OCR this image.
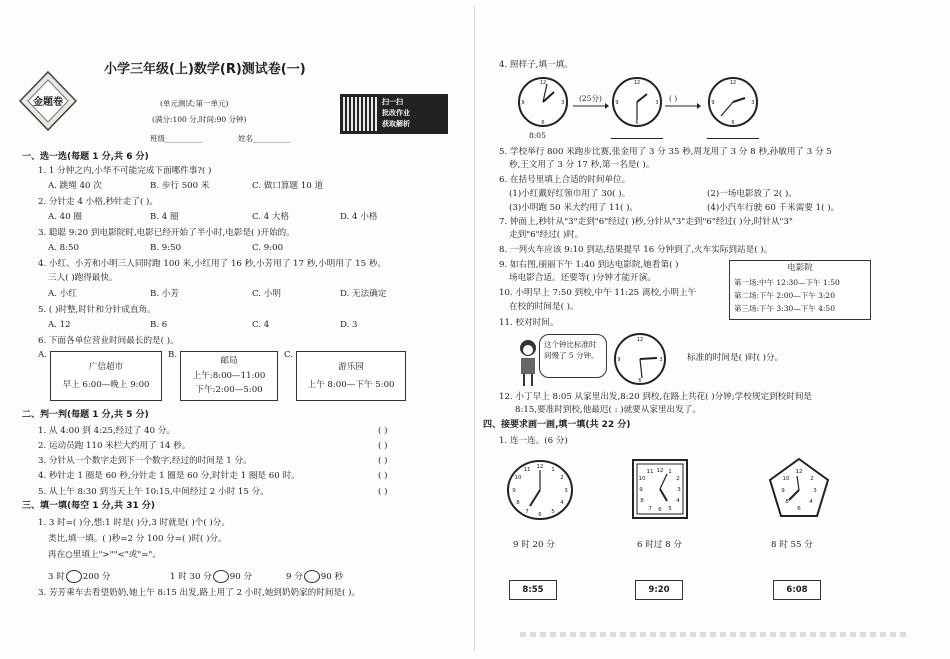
金题卷
小学三年级(上)数学(R)测试卷(一)
(单元测试;第一单元)
(满分:100 分,时间:90 分钟)
班级__________	姓名__________
扫一扫
批改作业
获取解析
一、选一选(每题 1 分,共 6 分)
1. 1 分钟之内,小华不可能完成下面哪件事?( )
A. 跳绳 40 次	B. 步行 500 米	C. 做口算题 10 道
2. 分针走 4 小格,秒针走了( )。
A. 40 圈	B. 4 圈	C. 4 大格	D. 4 小格
3. 聪聪 9:20 到电影院时,电影已经开始了半小时,电影是( )开始的。
A. 8:50	B. 9:50	C. 9:00
4. 小红、小芳和小明三人同时跑 100 米,小红用了 16 秒,小芳用了 17 秒,小明用了 15 秒。
三人( )跑得最快。
A. 小红	B. 小芳	C. 小明	D. 无法确定
5. ( )时整,时针和分针成直角。
A. 12	B. 6	C. 4	D. 3
6. 下面各单位营业时间最长的是( )。
A.
广信超市
早上 6:00—晚上 9:00
B.
邮局
上午:8:00—11:00
下午:2:00—5:00
C.
游乐园
上午 8:00—下午 5:00
二、判一判(每题 1 分,共 5 分)
1. 从 4:00 到 4:25,经过了 40 分。	( )
2. 运动员跑 110 米栏大约用了 14 秒。	( )
3. 分针从一个数字走到下一个数字,经过的时间是 1 分。	( )
4. 秒针走 1 圈是 60 秒,分针走 1 圈是 60 分,时针走 1 圈是 60 时。	( )
5. 从上午 8:30 到当天上午 10:15,中间经过 2 小时 15 分。	( )
三、填一填(每空 1 分,共 31 分)
1. 3 时=( )分,想:1 时是( )分,3 时就是( )个( )分。
类比,填一填。( )秒=2 分 100 分=( )时( )分。
再在○里填上">""<"或"="。
3 时 200 分	1 时 30 分 90 分	9 分 90 秒
3. 芳芳乘车去看望奶奶,她上午 8:15 出发,路上用了 2 小时,她到奶奶家的时间是( )。
4. 照样子,填一填。
12
3
6
9
8:05
(25分)
12
3
6
9	( )
12
3
6
9
5. 学校举行 800 米跑步比赛,张金用了 3 分 35 秒,周龙用了 3 分 8 秒,孙敏用了 3 分 5
秒,王文用了 3 分 17 秒,第一名是( )。
6. 在括号里填上合适的时间单位。
(1)小红戴好红领巾用了 30( )。	(2)一场电影放了 2( )。
(3)小明跑 50 米大约用了 11( )。	(4)小汽车行驶 60 千米需要 1( )。
7. 钟面上,秒针从"3"走到"6"经过( )秒,分针从"3"走到"6"经过( )分,时针从"3"
走到"6"经过( )时。
8. 一列火车应该 9:10 到站,结果提早 16 分钟到了,火车实际到站是( )。
9. 如右图,丽丽下午 1:40 到达电影院,她看第( )
场电影合适。还要等( )分钟才能开演。
电影院
第一场:中午 12:30—下午 1:50
第二场:下午 2:00—下午 3:20
第三场:下午 3:30—下午 4:50
10. 小明早上 7:50 到校,中午 11:25 离校,小明上午
在校的时间是( )。
11. 校对时间。
这个钟比标准时间慢了 5 分钟。
12
3
6
9	标准的时间是( )时( )分。
12. 小丁早上 8:05 从家里出发,8:20 到校,在路上共花( )分钟;学校规定到校时间是
8:15,要准时到校,他最迟( : )就要从家里出发了。
四、接要求画一画,填一填(共 22 分)
1. 连一连。(6 分)
12 1
2
3
4
5
6
7
8
9
10
11	12 1
2
3
4
5
6
7
8
9
10
11	12
2
3
4
6
8
9
10
9 时 20 分	6 时过 8 分	8 时 55 分
8:55	9:20	6:08
